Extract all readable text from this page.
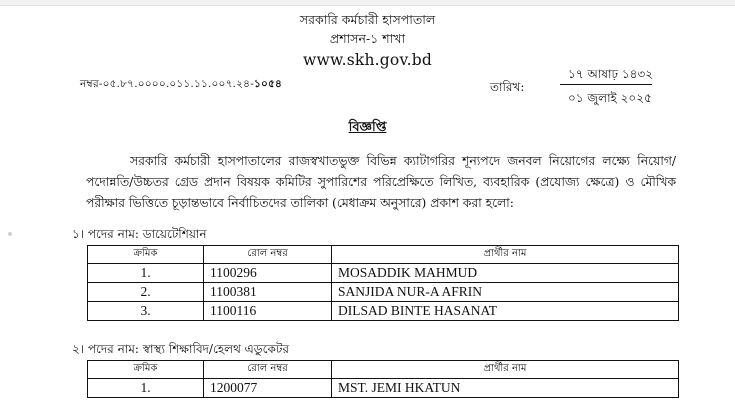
সরকারি কর্মচারী হাসপাতাল
প্রশাসন-১ শাখা
www.skh.gov.bd
নম্বর-০৫.৮৭.০০০০.০১১.১১.০০৭.২৪-১০৫৪	তারিখ:
১৭ আষাঢ় ১৪৩২
০১ জুলাই ২০২৫
বিজ্ঞপ্তি

সরকারি কর্মচারী হাসপাতালের রাজস্বখাতভুক্ত বিভিন্ন ক্যাটাগরির শূন্যপদে জনবল নিয়োগের লক্ষ্যে নিয়োগ/পদোন্নতি/উচ্চতর গ্রেড প্রদান বিষয়ক কমিটির সুপারিশের পরিপ্রেক্ষিতে লিখিত, ব্যবহারিক (প্রযোজ্য ক্ষেত্রে) ও মৌখিক পরীক্ষার ভিত্তিতে চূড়ান্তভাবে নির্বাচিতদের তালিকা (মেধাক্রম অনুসারে) প্রকাশ করা হলো:

১। পদের নাম: ডায়েটেশিয়ান
ক্রমিক	রোল নম্বর	প্রার্থীর নাম
1.	1100296	MOSADDIK MAHMUD
2.	1100381	SANJIDA NUR-A AFRIN
3.	1100116	DILSAD BINTE HASANAT
২। পদের নাম: স্বাস্থ্য শিক্ষাবিদ/হেলথ এডুকেটর
ক্রমিক	রোল নম্বর	প্রার্থীর নাম
1.	1200077	MST. JEMI HKATUN
